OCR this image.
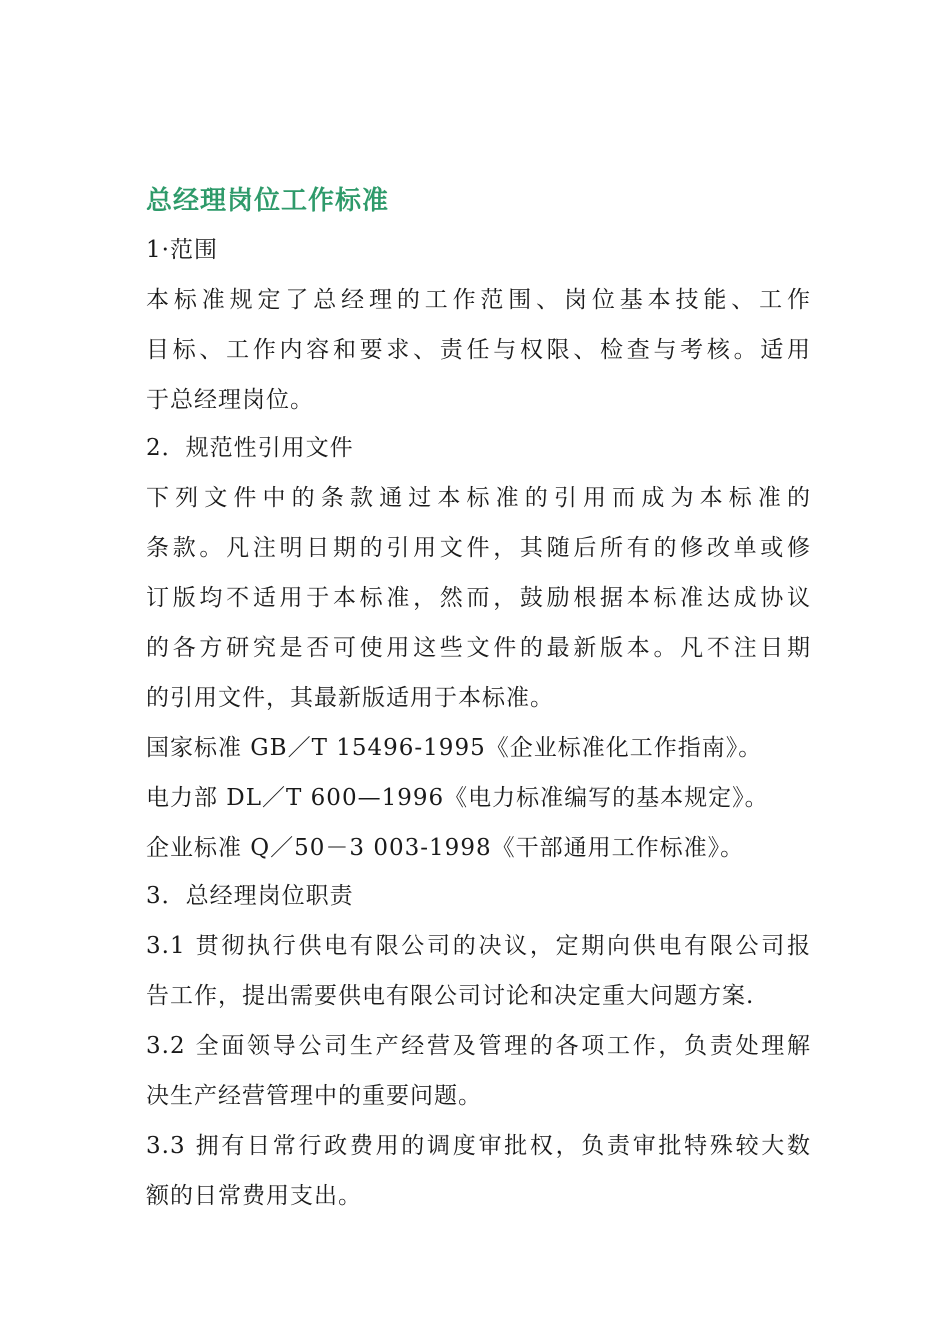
总经理岗位工作标准
1·范围
本标准规定了总经理的工作范围、岗位基本技能、工作
目标、工作内容和要求、责任与权限、检查与考核。适用
于总经理岗位。
2．规范性引用文件
下列文件中的条款通过本标准的引用而成为本标准的
条款。凡注明日期的引用文件，其随后所有的修改单或修
订版均不适用于本标准，然而，鼓励根据本标准达成协议
的各方研究是否可使用这些文件的最新版本。凡不注日期
的引用文件，其最新版适用于本标准。
国家标准 GB／T 15496-1995《企业标准化工作指南》。
电力部 DL／T 600—1996《电力标准编写的基本规定》。
企业标准 Q／50－3 003-1998《干部通用工作标准》。
3．总经理岗位职责
3.1 贯彻执行供电有限公司的决议，定期向供电有限公司报
告工作，提出需要供电有限公司讨论和决定重大问题方案.
3.2 全面领导公司生产经营及管理的各项工作，负责处理解
决生产经营管理中的重要问题。
3.3 拥有日常行政费用的调度审批权，负责审批特殊较大数
额的日常费用支出。
